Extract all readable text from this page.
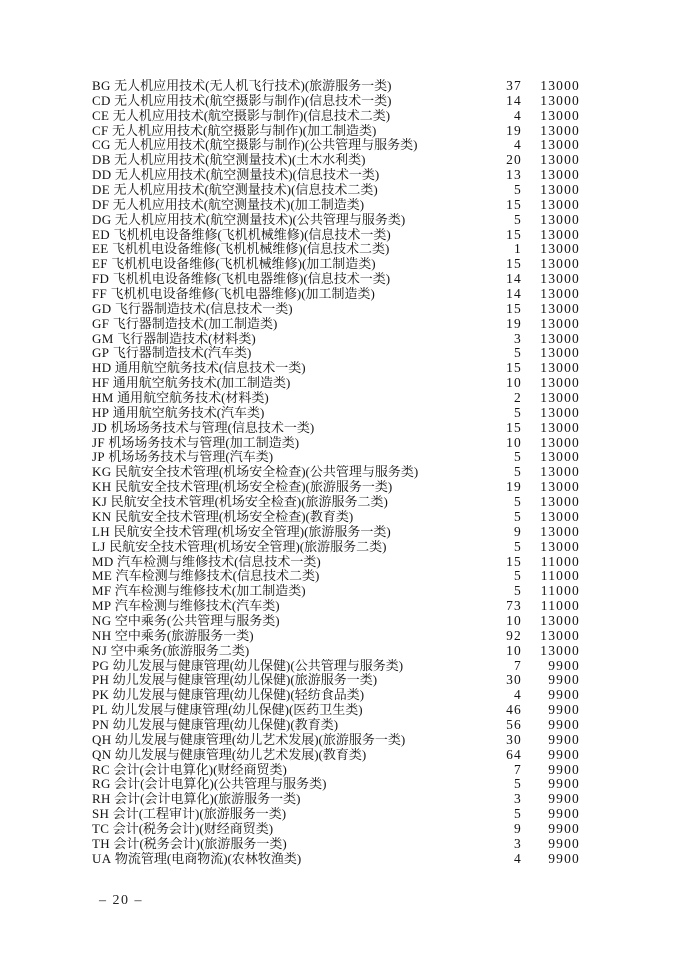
BG 无人机应用技术(无人机飞行技术)(旅游服务一类)	37	13000
CD 无人机应用技术(航空摄影与制作)(信息技术一类)	14	13000
CE 无人机应用技术(航空摄影与制作)(信息技术二类)	4	13000
CF 无人机应用技术(航空摄影与制作)(加工制造类)	19	13000
CG 无人机应用技术(航空摄影与制作)(公共管理与服务类)	4	13000
DB 无人机应用技术(航空测量技术)(土木水利类)	20	13000
DD 无人机应用技术(航空测量技术)(信息技术一类)	13	13000
DE 无人机应用技术(航空测量技术)(信息技术二类)	5	13000
DF 无人机应用技术(航空测量技术)(加工制造类)	15	13000
DG 无人机应用技术(航空测量技术)(公共管理与服务类)	5	13000
ED 飞机机电设备维修(飞机机械维修)(信息技术一类)	15	13000
EE 飞机机电设备维修(飞机机械维修)(信息技术二类)	1	13000
EF 飞机机电设备维修(飞机机械维修)(加工制造类)	15	13000
FD 飞机机电设备维修(飞机电器维修)(信息技术一类)	14	13000
FF 飞机机电设备维修(飞机电器维修)(加工制造类)	14	13000
GD 飞行器制造技术(信息技术一类)	15	13000
GF 飞行器制造技术(加工制造类)	19	13000
GM 飞行器制造技术(材料类)	3	13000
GP 飞行器制造技术(汽车类)	5	13000
HD 通用航空航务技术(信息技术一类)	15	13000
HF 通用航空航务技术(加工制造类)	10	13000
HM 通用航空航务技术(材料类)	2	13000
HP 通用航空航务技术(汽车类)	5	13000
JD 机场场务技术与管理(信息技术一类)	15	13000
JF 机场场务技术与管理(加工制造类)	10	13000
JP 机场场务技术与管理(汽车类)	5	13000
KG 民航安全技术管理(机场安全检查)(公共管理与服务类)	5	13000
KH 民航安全技术管理(机场安全检查)(旅游服务一类)	19	13000
KJ 民航安全技术管理(机场安全检查)(旅游服务二类)	5	13000
KN 民航安全技术管理(机场安全检查)(教育类)	5	13000
LH 民航安全技术管理(机场安全管理)(旅游服务一类)	9	13000
LJ 民航安全技术管理(机场安全管理)(旅游服务二类)	5	13000
MD 汽车检测与维修技术(信息技术一类)	15	11000
ME 汽车检测与维修技术(信息技术二类)	5	11000
MF 汽车检测与维修技术(加工制造类)	5	11000
MP 汽车检测与维修技术(汽车类)	73	11000
NG 空中乘务(公共管理与服务类)	10	13000
NH 空中乘务(旅游服务一类)	92	13000
NJ 空中乘务(旅游服务二类)	10	13000
PG 幼儿发展与健康管理(幼儿保健)(公共管理与服务类)	7	9900
PH 幼儿发展与健康管理(幼儿保健)(旅游服务一类)	30	9900
PK 幼儿发展与健康管理(幼儿保健)(轻纺食品类)	4	9900
PL 幼儿发展与健康管理(幼儿保健)(医药卫生类)	46	9900
PN 幼儿发展与健康管理(幼儿保健)(教育类)	56	9900
QH 幼儿发展与健康管理(幼儿艺术发展)(旅游服务一类)	30	9900
QN 幼儿发展与健康管理(幼儿艺术发展)(教育类)	64	9900
RC 会计(会计电算化)(财经商贸类)	7	9900
RG 会计(会计电算化)(公共管理与服务类)	5	9900
RH 会计(会计电算化)(旅游服务一类)	3	9900
SH 会计(工程审计)(旅游服务一类)	5	9900
TC 会计(税务会计)(财经商贸类)	9	9900
TH 会计(税务会计)(旅游服务一类)	3	9900
UA 物流管理(电商物流)(农林牧渔类)	4	9900
– 20 –
